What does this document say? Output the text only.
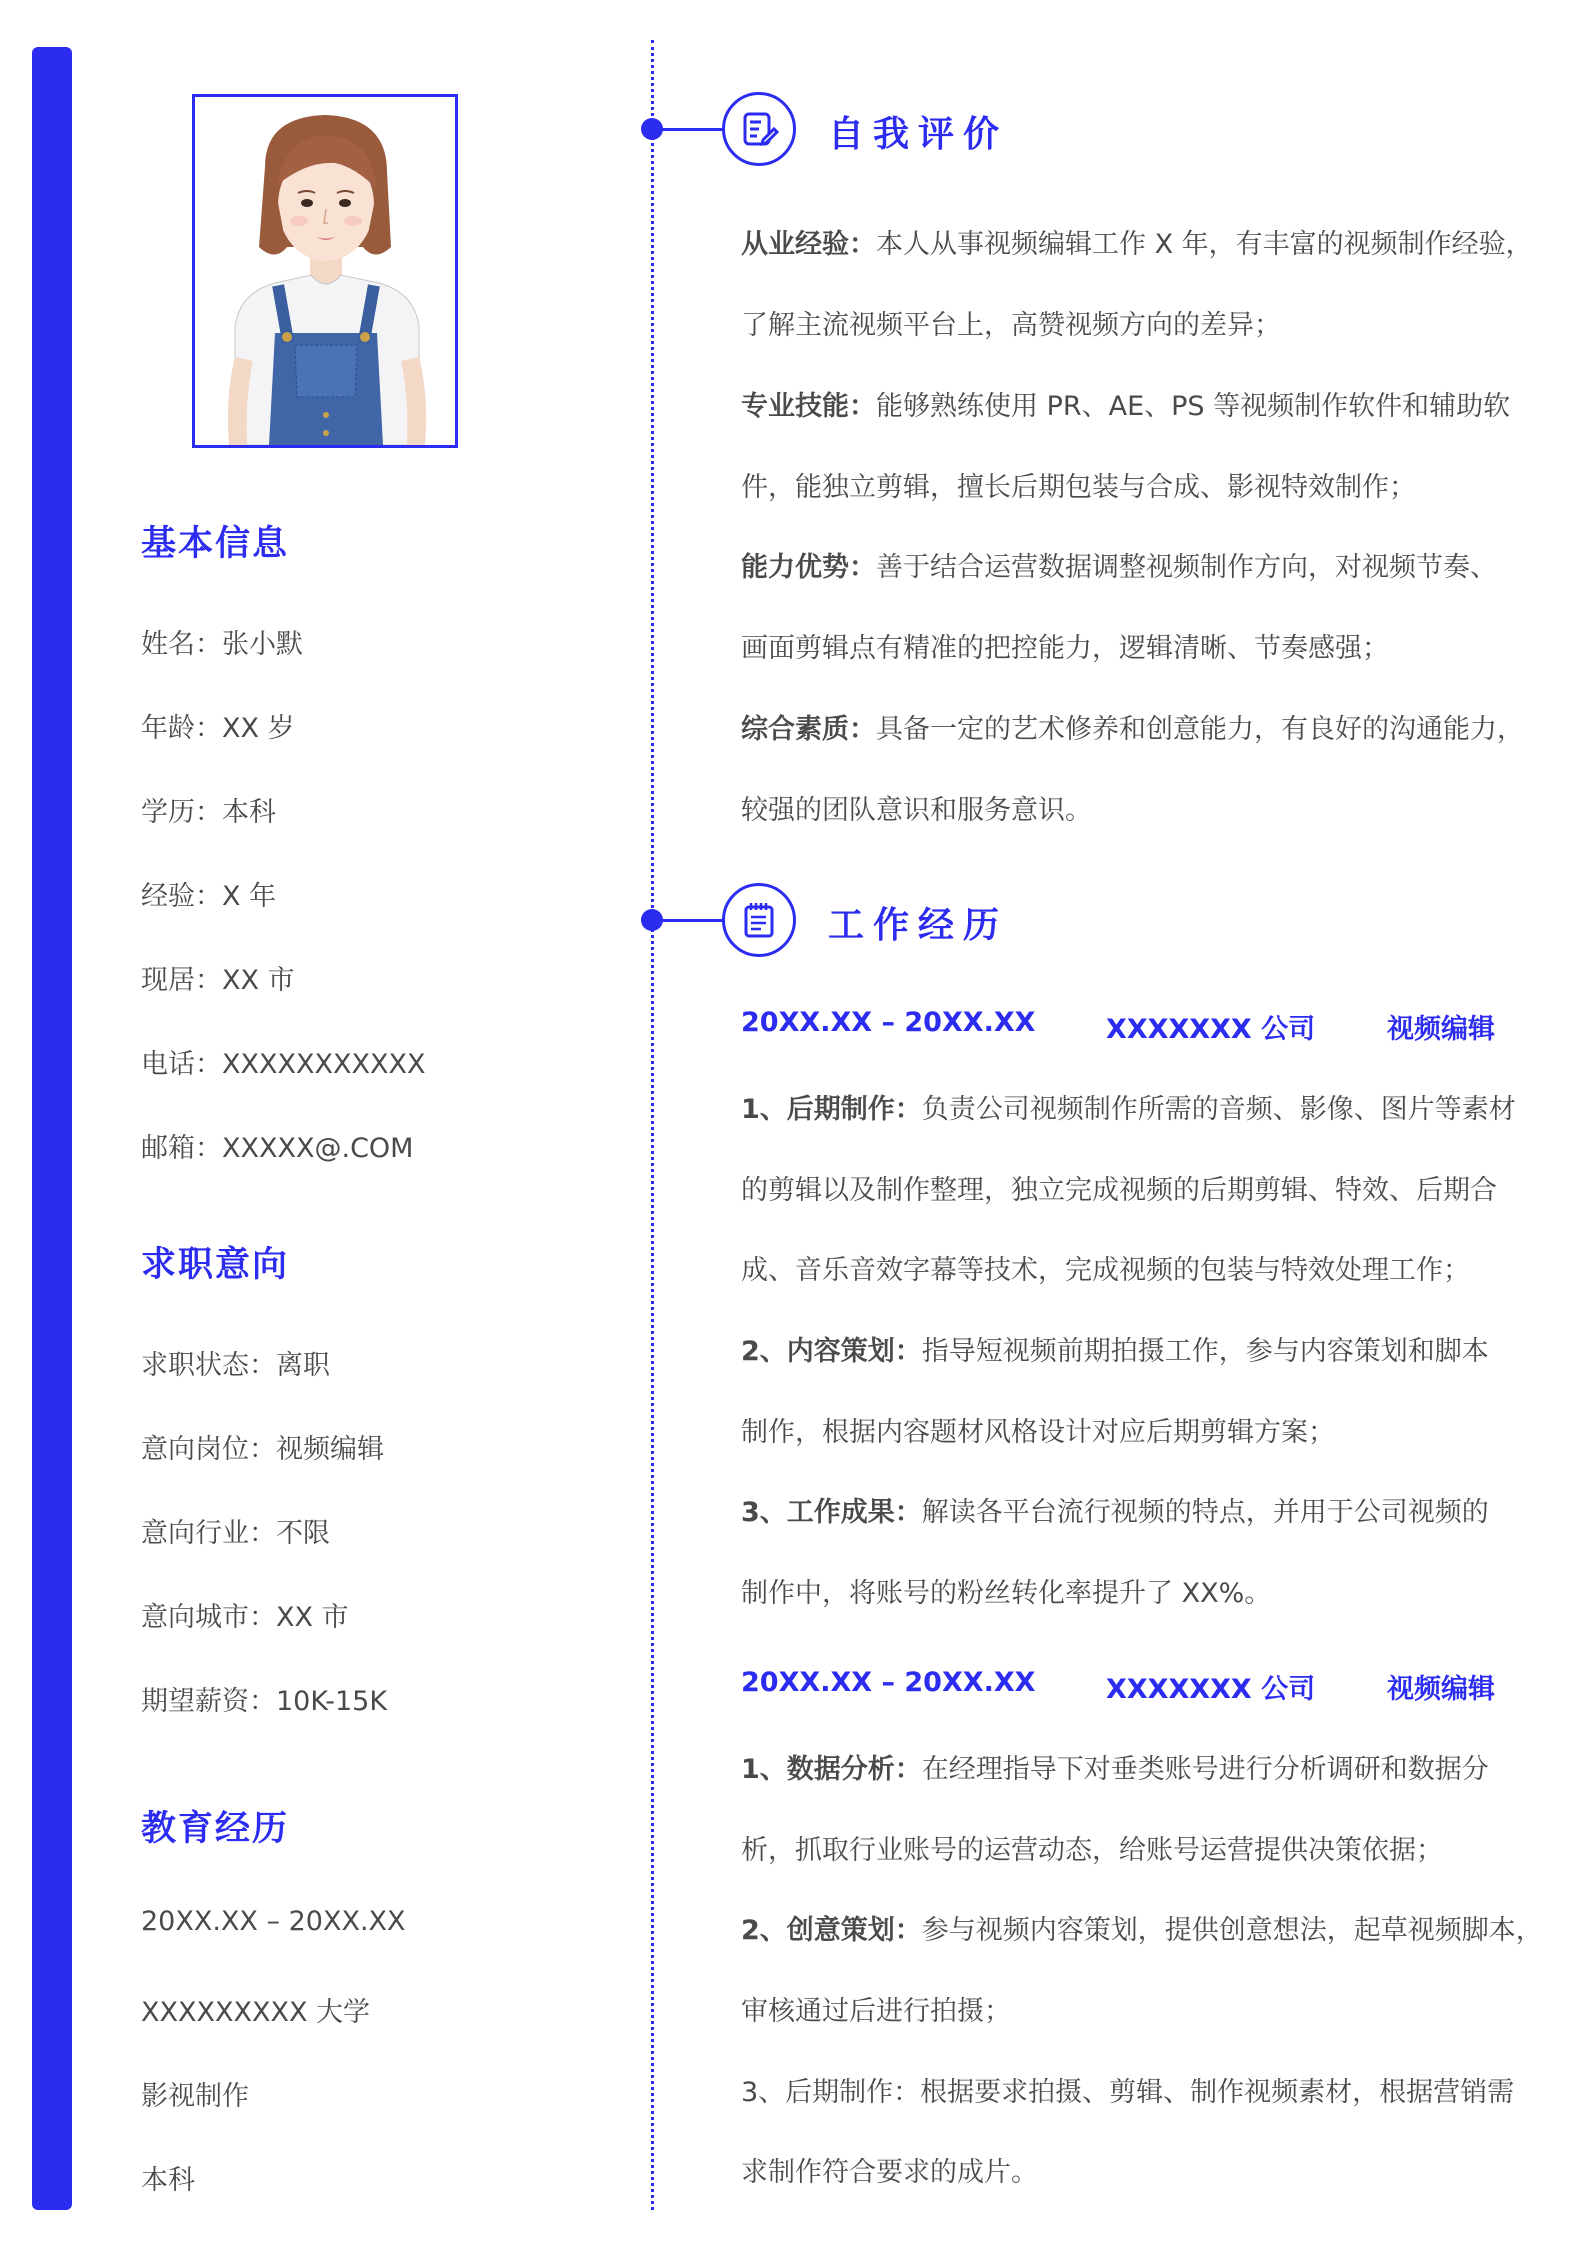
基本信息
姓名：张小默
年龄：XX 岁
学历：本科
经验：X 年
现居：XX 市
电话：XXXXXXXXXXX
邮箱：XXXXX@.COM
求职意向
求职状态：离职
意向岗位：视频编辑
意向行业：不限
意向城市：XX 市
期望薪资：10K-15K
教育经历
20XX.XX – 20XX.XX
XXXXXXXXX 大学
影视制作
本科
自我评价
从业经验：本人从事视频编辑工作 X 年，有丰富的视频制作经验，
了解主流视频平台上，高赞视频方向的差异；
专业技能：能够熟练使用 PR、AE、PS 等视频制作软件和辅助软
件，能独立剪辑，擅长后期包装与合成、影视特效制作；
能力优势：善于结合运营数据调整视频制作方向，对视频节奏、
画面剪辑点有精准的把控能力，逻辑清晰、节奏感强；
综合素质：具备一定的艺术修养和创意能力，有良好的沟通能力，
较强的团队意识和服务意识。
工作经历
20XX.XX – 20XX.XX	XXXXXXX 公司	视频编辑
1、后期制作：负责公司视频制作所需的音频、影像、图片等素材
的剪辑以及制作整理，独立完成视频的后期剪辑、特效、后期合
成、音乐音效字幕等技术，完成视频的包装与特效处理工作；
2、内容策划：指导短视频前期拍摄工作，参与内容策划和脚本
制作，根据内容题材风格设计对应后期剪辑方案；
3、工作成果：解读各平台流行视频的特点，并用于公司视频的
制作中，将账号的粉丝转化率提升了 XX%。
20XX.XX – 20XX.XX	XXXXXXX 公司	视频编辑
1、数据分析：在经理指导下对垂类账号进行分析调研和数据分
析，抓取行业账号的运营动态，给账号运营提供决策依据；
2、创意策划：参与视频内容策划，提供创意想法，起草视频脚本，
审核通过后进行拍摄；
3、后期制作：根据要求拍摄、剪辑、制作视频素材，根据营销需
求制作符合要求的成片。
